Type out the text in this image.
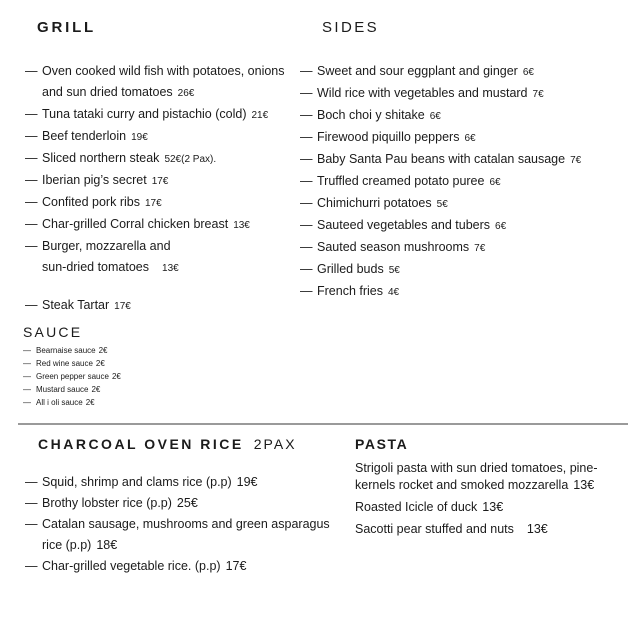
GRILL
— Oven cooked wild fish with potatoes, onions
and sun dried tomatoes 26€
— Tuna tataki curry and pistachio (cold) 21€
— Beef tenderloin 19€
— Sliced northern steak 52€(2 Pax).
— Iberian pig’s secret 17€
— Confited pork ribs 17€
— Char-grilled Corral chicken breast 13€
— Burger, mozzarella and
sun-dried tomatoes 13€
— Steak Tartar 17€
SIDES
— Sweet and sour eggplant and ginger 6€
— Wild rice with vegetables and mustard 7€
— Boch choi y shitake 6€
— Firewood piquillo peppers 6€
— Baby Santa Pau beans with catalan sausage 7€
— Truffled creamed potato puree 6€
— Chimichurri potatoes 5€
— Sauteed vegetables and tubers 6€
— Sauted season mushrooms 7€
— Grilled buds 5€
— French fries 4€
SAUCE
— Bearnaise sauce 2€
— Red wine sauce 2€
— Green pepper sauce 2€
— Mustard sauce 2€
— All i oli sauce 2€
CHARCOAL OVEN RICE 2PAX
— Squid, shrimp and clams rice (p.p) 19€
— Brothy lobster rice (p.p) 25€
— Catalan sausage, mushrooms and green asparagus
rice (p.p) 18€
— Char-grilled vegetable rice. (p.p) 17€
PASTA
Strigoli pasta with sun dried tomatoes, pine-
kernels rocket and smoked mozzarella 13€
Roasted Icicle of duck 13€
Sacotti pear stuffed and nuts 13€
